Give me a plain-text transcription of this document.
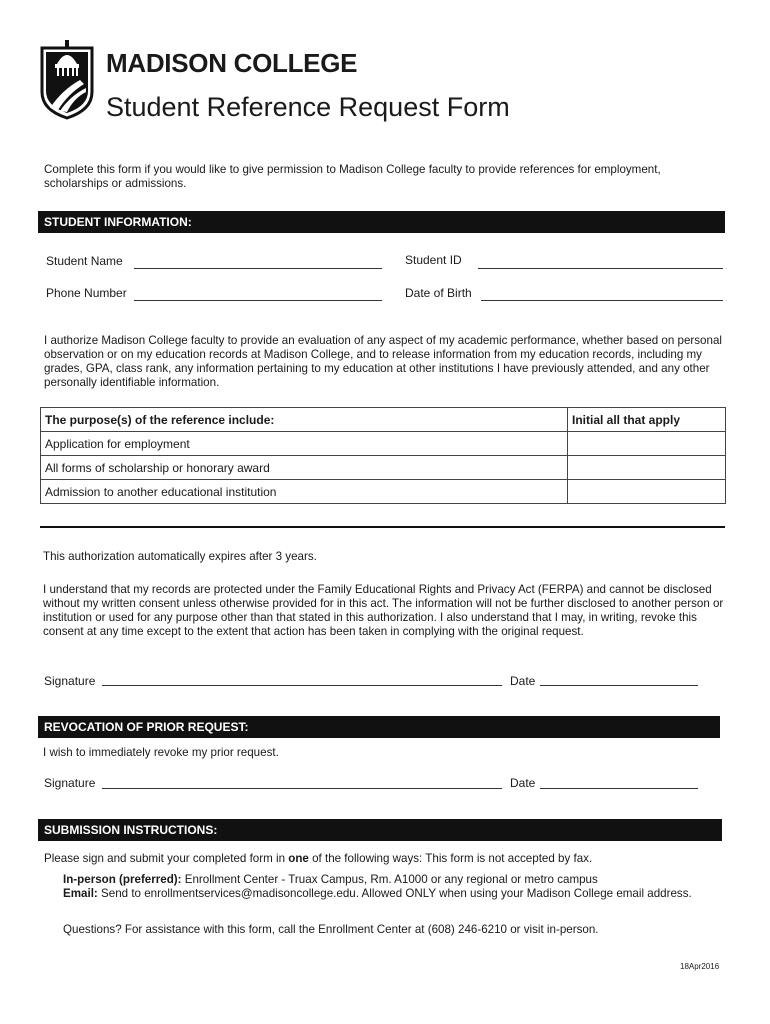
MADISON COLLEGE
Student Reference Request Form
Complete this form if you would like to give permission to Madison College faculty to provide references for employment, scholarships or admissions.
STUDENT INFORMATION:
Student Name	Student ID
Phone Number	Date of Birth
I authorize Madison College faculty to provide an evaluation of any aspect of my academic performance, whether based on personal observation or on my education records at Madison College, and to release information from my education records, including my grades, GPA, class rank, any information pertaining to my education at other institutions I have previously attended, and any other personally identifiable information.
The purpose(s) of the reference include:	Initial all that apply
Application for employment	
All forms of scholarship or honorary award	
Admission to another educational institution	
This authorization automatically expires after 3 years.
I understand that my records are protected under the Family Educational Rights and Privacy Act (FERPA) and cannot be disclosed without my written consent unless otherwise provided for in this act. The information will not be further disclosed to another person or institution or used for any purpose other than that stated in this authorization. I also understand that I may, in writing, revoke this consent at any time except to the extent that action has been taken in complying with the original request.
Signature	Date
REVOCATION OF PRIOR REQUEST:
I wish to immediately revoke my prior request.
Signature	Date
SUBMISSION INSTRUCTIONS:
Please sign and submit your completed form in one of the following ways: This form is not accepted by fax.
In-person (preferred): Enrollment Center - Truax Campus, Rm. A1000 or any regional or metro campus
Email: Send to enrollmentservices@madisoncollege.edu. Allowed ONLY when using your Madison College email address.
Questions? For assistance with this form, call the Enrollment Center at (608) 246-6210 or visit in-person.
18Apr2016
